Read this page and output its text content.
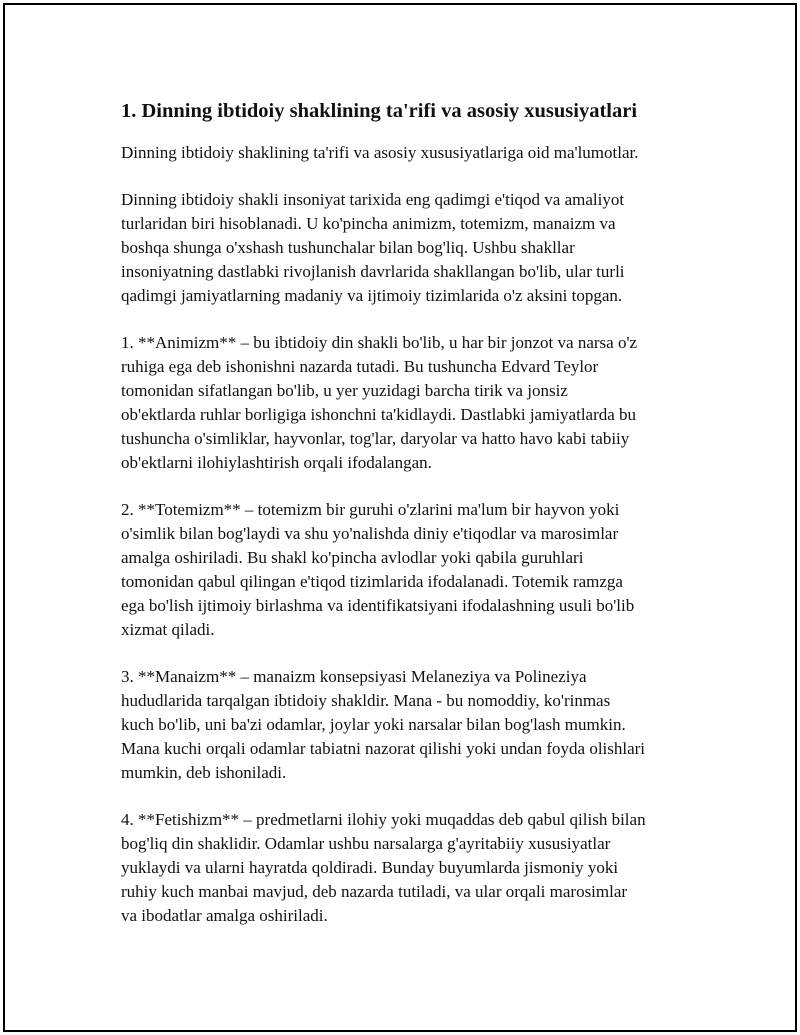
1. Dinning ibtidoiy shaklining ta'rifi va asosiy xususiyatlari

Dinning ibtidoiy shaklining ta'rifi va asosiy xususiyatlariga oid ma'lumotlar.

Dinning ibtidoiy shakli insoniyat tarixida eng qadimgi e'tiqod va amaliyot
turlaridan biri hisoblanadi. U ko'pincha animizm, totemizm, manaizm va
boshqa shunga o'xshash tushunchalar bilan bog'liq. Ushbu shakllar
insoniyatning dastlabki rivojlanish davrlarida shakllangan bo'lib, ular turli
qadimgi jamiyatlarning madaniy va ijtimoiy tizimlarida o'z aksini topgan.

1. **Animizm** – bu ibtidoiy din shakli bo'lib, u har bir jonzot va narsa o'z
ruhiga ega deb ishonishni nazarda tutadi. Bu tushuncha Edvard Teylor
tomonidan sifatlangan bo'lib, u yer yuzidagi barcha tirik va jonsiz
ob'ektlarda ruhlar borligiga ishonchni ta'kidlaydi. Dastlabki jamiyatlarda bu
tushuncha o'simliklar, hayvonlar, tog'lar, daryolar va hatto havo kabi tabiiy
ob'ektlarni ilohiylashtirish orqali ifodalangan.

2. **Totemizm** – totemizm bir guruhi o'zlarini ma'lum bir hayvon yoki
o'simlik bilan bog'laydi va shu yo'nalishda diniy e'tiqodlar va marosimlar
amalga oshiriladi. Bu shakl ko'pincha avlodlar yoki qabila guruhlari
tomonidan qabul qilingan e'tiqod tizimlarida ifodalanadi. Totemik ramzga
ega bo'lish ijtimoiy birlashma va identifikatsiyani ifodalashning usuli bo'lib
xizmat qiladi.

3. **Manaizm** – manaizm konsepsiyasi Melaneziya va Polineziya
hududlarida tarqalgan ibtidoiy shakldir. Mana - bu nomoddiy, ko'rinmas
kuch bo'lib, uni ba'zi odamlar, joylar yoki narsalar bilan bog'lash mumkin.
Mana kuchi orqali odamlar tabiatni nazorat qilishi yoki undan foyda olishlari
mumkin, deb ishoniladi.

4. **Fetishizm** – predmetlarni ilohiy yoki muqaddas deb qabul qilish bilan
bog'liq din shaklidir. Odamlar ushbu narsalarga g'ayritabiiy xususiyatlar
yuklaydi va ularni hayratda qoldiradi. Bunday buyumlarda jismoniy yoki
ruhiy kuch manbai mavjud, deb nazarda tutiladi, va ular orqali marosimlar
va ibodatlar amalga oshiriladi.
